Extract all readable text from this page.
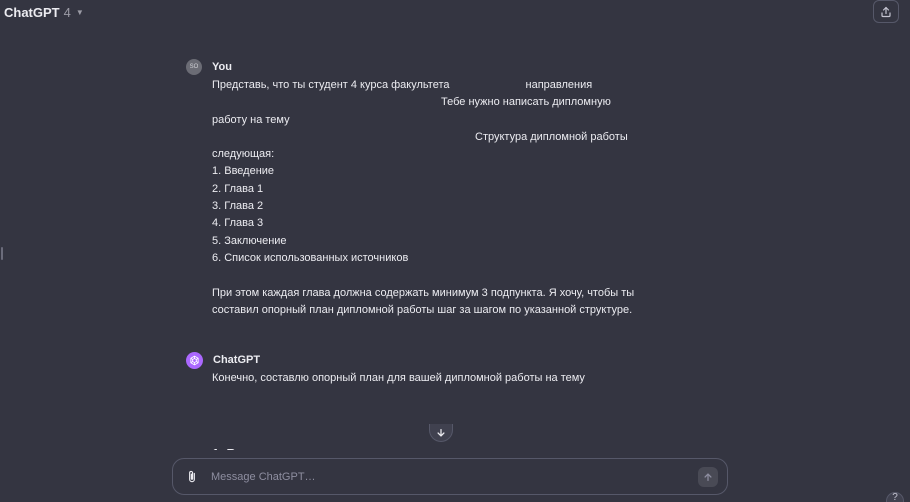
ChatGPT 4 ▼
SO	You
Представь, что ты студент 4 курса факультета	направления
Тебе нужно написать дипломную
работу на тему
Структура дипломной работы
следующая:
1. Введение
2. Глава 1
3. Глава 2
4. Глава 3
5. Заключение
6. Список использованных источников
При этом каждая глава должна содержать минимум 3 подпункта. Я хочу, чтобы ты
составил опорный план дипломной работы шаг за шагом по указанной структуре.
ChatGPT
Конечно, составлю опорный план для вашей дипломной работы на тему
Message ChatGPT…
?
